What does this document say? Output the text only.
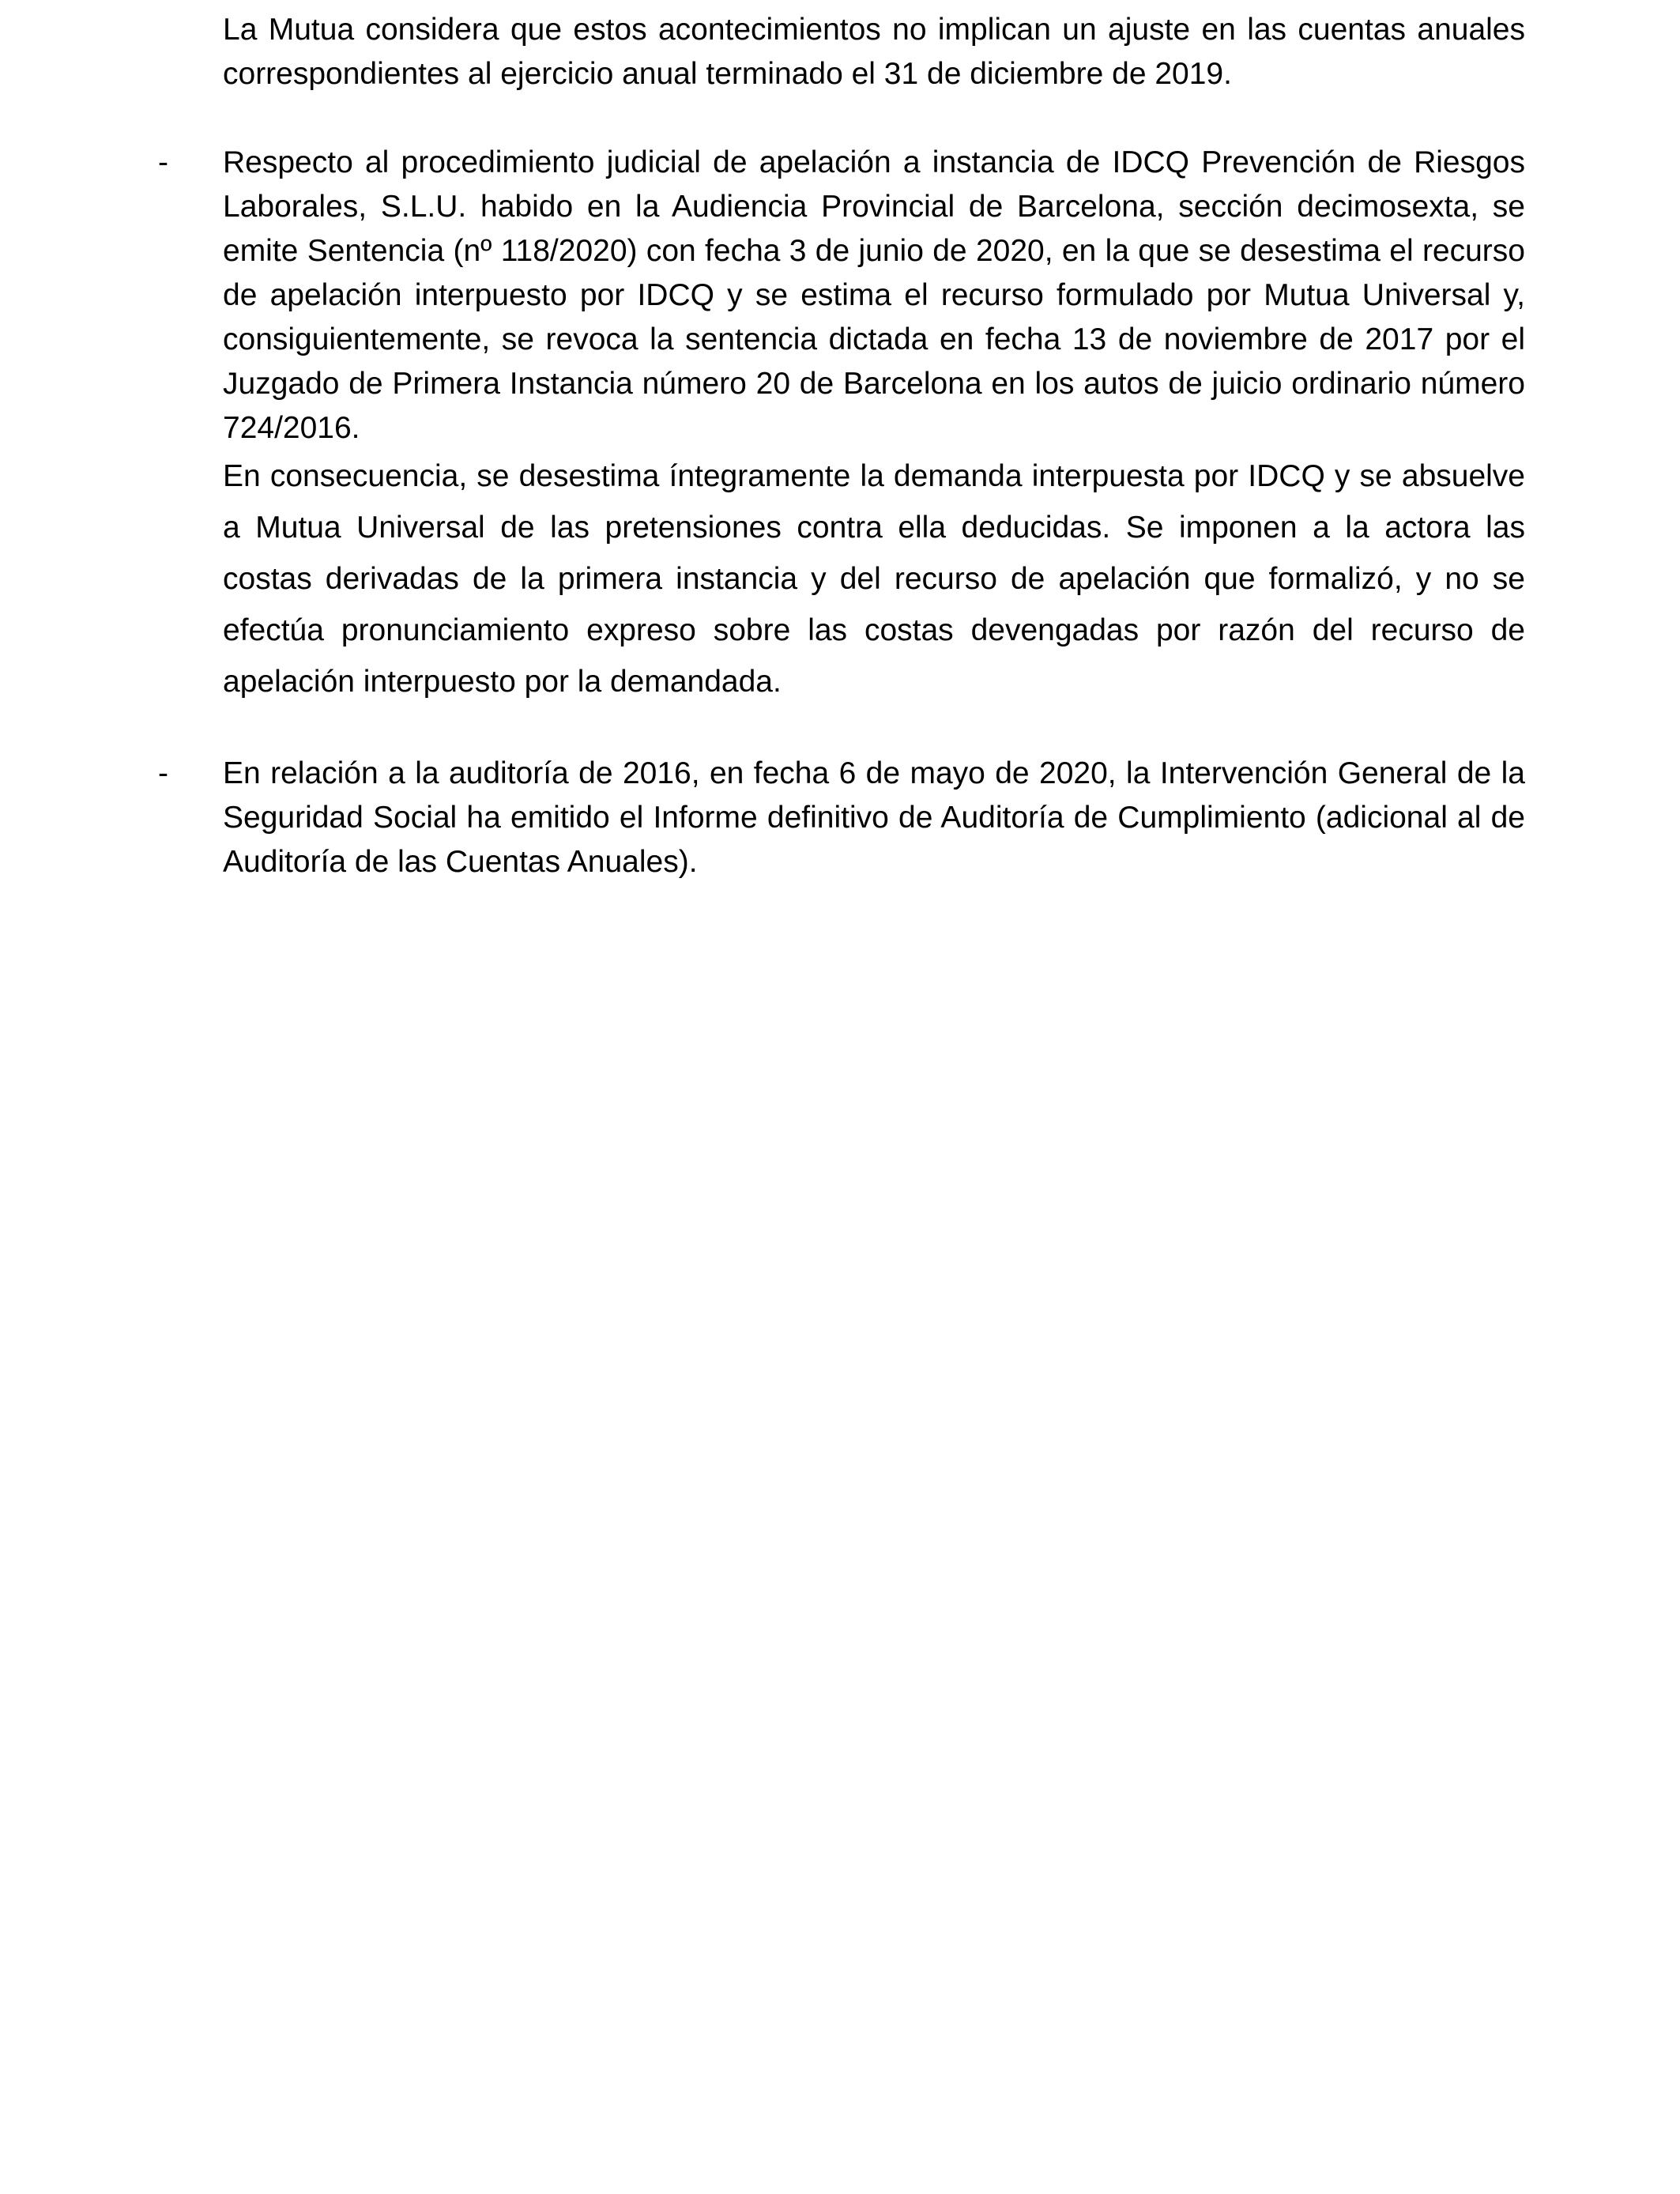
La Mutua considera que estos acontecimientos no implican un ajuste en las cuentas anuales correspondientes al ejercicio anual terminado el 31 de diciembre de 2019.

- Respecto al procedimiento judicial de apelación a instancia de IDCQ Prevención de Riesgos Laborales, S.L.U. habido en la Audiencia Provincial de Barcelona, sección decimosexta, se emite Sentencia (nº 118/2020) con fecha 3 de junio de 2020, en la que se desestima el recurso de apelación interpuesto por IDCQ y se estima el recurso formulado por Mutua Universal y, consiguientemente, se revoca la sentencia dictada en fecha 13 de noviembre de 2017 por el Juzgado de Primera Instancia número 20 de Barcelona en los autos de juicio ordinario número 724/2016.

En consecuencia, se desestima íntegramente la demanda interpuesta por IDCQ y se absuelve a Mutua Universal de las pretensiones contra ella deducidas. Se imponen a la actora las costas derivadas de la primera instancia y del recurso de apelación que formalizó, y no se efectúa pronunciamiento expreso sobre las costas devengadas por razón del recurso de apelación interpuesto por la demandada.

- En relación a la auditoría de 2016, en fecha 6 de mayo de 2020, la Intervención General de la Seguridad Social ha emitido el Informe definitivo de Auditoría de Cumplimiento (adicional al de Auditoría de las Cuentas Anuales).
